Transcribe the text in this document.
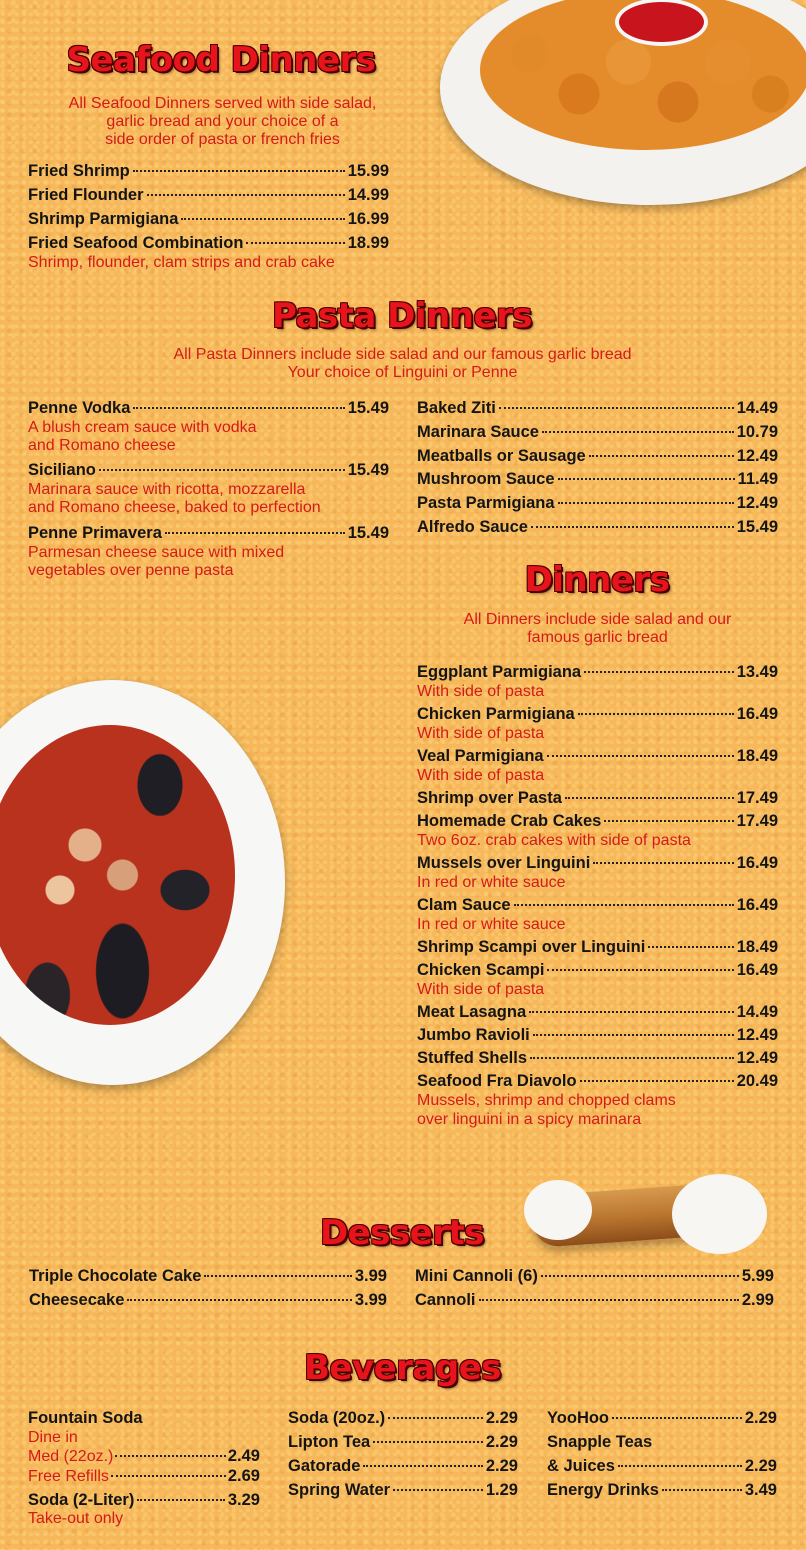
Seafood Dinners
All Seafood Dinners served with side salad,
garlic bread and your choice of a
side order of pasta or french fries
Fried Shrimp	15.99
Fried Flounder	14.99
Shrimp Parmigiana	16.99
Fried Seafood Combination	18.99
Shrimp, flounder, clam strips and crab cake
Pasta Dinners
All Pasta Dinners include side salad and our famous garlic bread
Your choice of Linguini or Penne
Penne Vodka	15.49
A blush cream sauce with vodka
and Romano cheese
Siciliano	15.49
Marinara sauce with ricotta, mozzarella
and Romano cheese, baked to perfection
Penne Primavera	15.49
Parmesan cheese sauce with mixed
vegetables over penne pasta
Baked Ziti	14.49
Marinara Sauce	10.79
Meatballs or Sausage	12.49
Mushroom Sauce	11.49
Pasta Parmigiana	12.49
Alfredo Sauce	15.49
Dinners
All Dinners include side salad and our
famous garlic bread
Eggplant Parmigiana	13.49
With side of pasta
Chicken Parmigiana	16.49
With side of pasta
Veal Parmigiana	18.49
With side of pasta
Shrimp over Pasta	17.49
Homemade Crab Cakes	17.49
Two 6oz. crab cakes with side of pasta
Mussels over Linguini	16.49
In red or white sauce
Clam Sauce	16.49
In red or white sauce
Shrimp Scampi over Linguini	18.49
Chicken Scampi	16.49
With side of pasta
Meat Lasagna	14.49
Jumbo Ravioli	12.49
Stuffed Shells	12.49
Seafood Fra Diavolo	20.49
Mussels, shrimp and chopped clams
over linguini in a spicy marinara
Desserts
Triple Chocolate Cake	3.99
Cheesecake	3.99
Mini Cannoli (6)	5.99
Cannoli	2.99
Beverages
Fountain Soda
Dine in
Med (22oz.)	2.49
Free Refills	2.69
Soda (2-Liter)	3.29
Take-out only
Soda (20oz.)	2.29
Lipton Tea	2.29
Gatorade	2.29
Spring Water	1.29
YooHoo	2.29
Snapple Teas
& Juices	2.29
Energy Drinks	3.49
